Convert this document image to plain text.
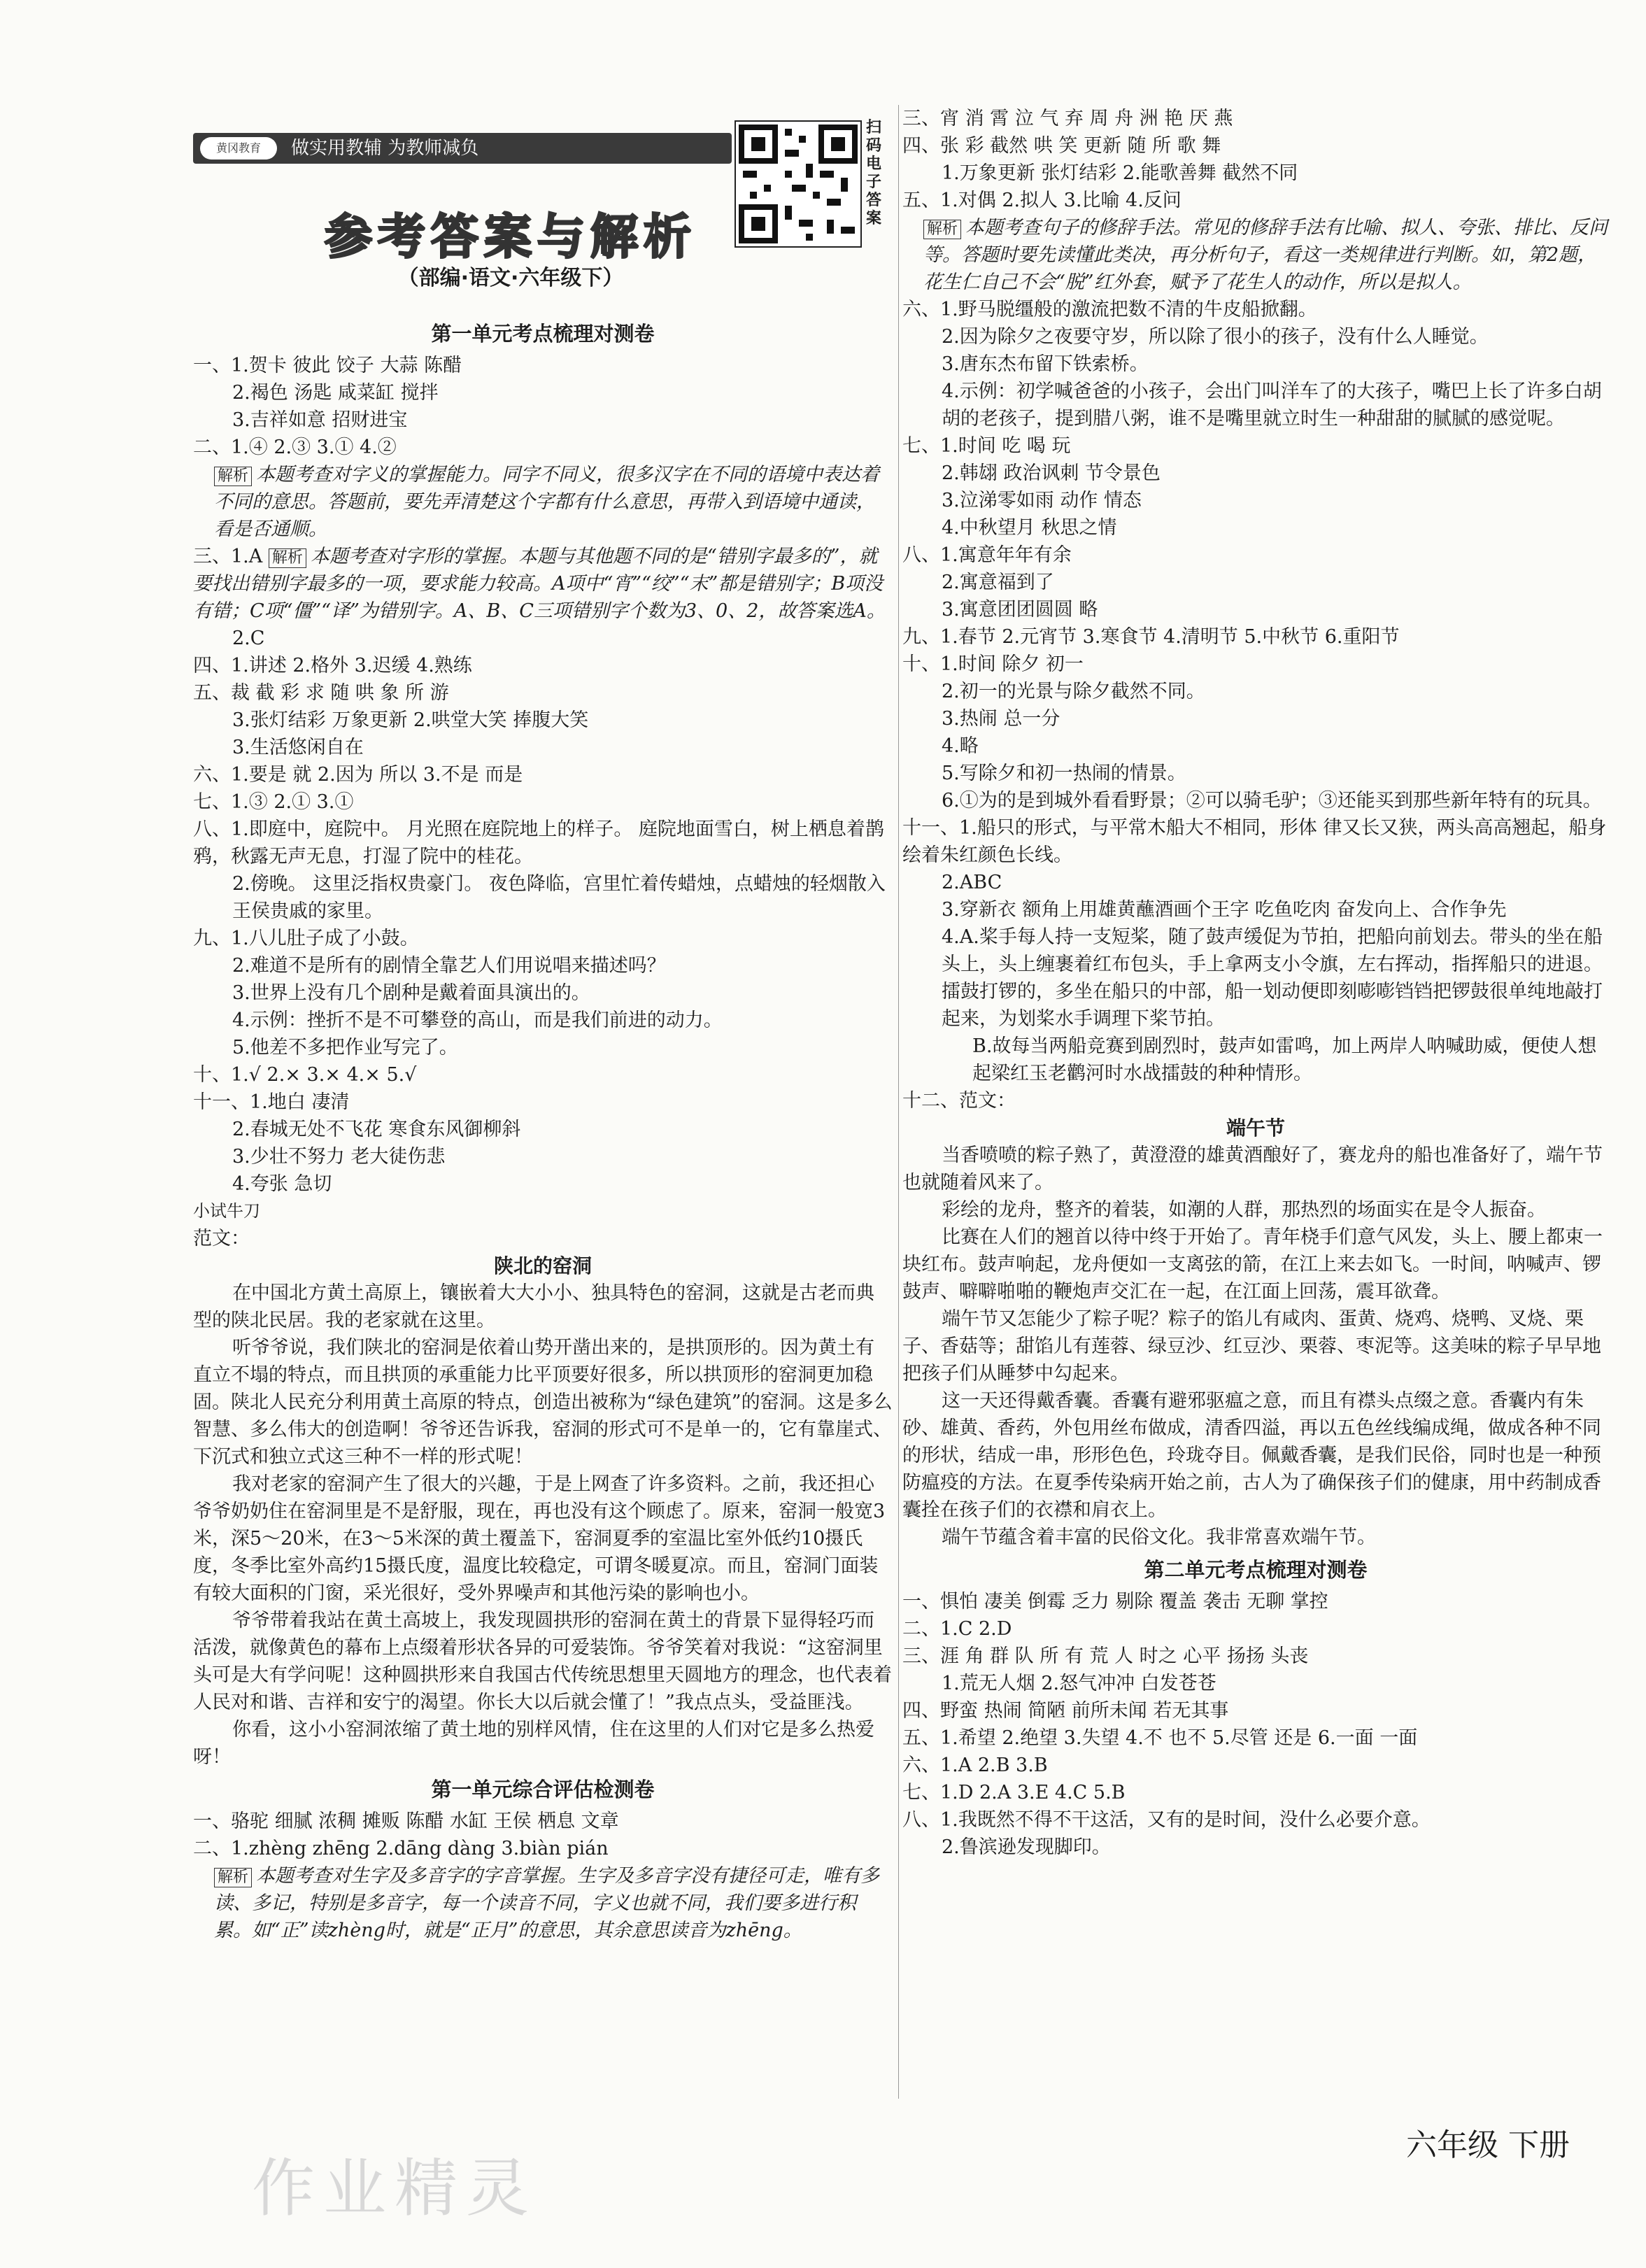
黄冈教育	做实用教辅 为教师减负
扫码电子答案
参考答案与解析
（部编·语文·六年级下）
第一单元考点梳理对测卷
一、1.贺卡 彼此 饺子 大蒜 陈醋
2.褐色 汤匙 咸菜缸 搅拌
3.吉祥如意 招财进宝
二、1.④ 2.③ 3.① 4.②
解析 本题考查对字义的掌握能力。同字不同义，很多汉字在不同的语境中表达着不同的意思。答题前，要先弄清楚这个字都有什么意思，再带入到语境中通读，看是否通顺。
三、1.A 解析 本题考查对字形的掌握。本题与其他题不同的是“错别字最多的”，就要找出错别字最多的一项，要求能力较高。A项中“宵”“绞”“末”都是错别字；B项没有错；C项“僵”“译”为错别字。A、B、C三项错别字个数为3、0、2，故答案选A。
2.C
四、1.讲述 2.格外 3.迟缓 4.熟练
五、裁 截 彩 求 随 哄 象 所 游
3.张灯结彩 万象更新 2.哄堂大笑 捧腹大笑
3.生活悠闲自在
六、1.要是 就 2.因为 所以 3.不是 而是
七、1.③ 2.① 3.①
八、1.即庭中，庭院中。 月光照在庭院地上的样子。 庭院地面雪白，树上栖息着鹊鸦，秋露无声无息，打湿了院中的桂花。
2.傍晚。 这里泛指权贵豪门。 夜色降临，宫里忙着传蜡烛，点蜡烛的轻烟散入王侯贵戚的家里。
九、1.八儿肚子成了小鼓。
2.难道不是所有的剧情全靠艺人们用说唱来描述吗？
3.世界上没有几个剧种是戴着面具演出的。
4.示例：挫折不是不可攀登的高山，而是我们前进的动力。
5.他差不多把作业写完了。
十、1.√ 2.× 3.× 4.× 5.√
十一、1.地白 凄清
2.春城无处不飞花 寒食东风御柳斜
3.少壮不努力 老大徒伤悲
4.夸张 急切
小试牛刀
范文：
陕北的窑洞
在中国北方黄土高原上，镶嵌着大大小小、独具特色的窑洞，这就是古老而典型的陕北民居。我的老家就在这里。
听爷爷说，我们陕北的窑洞是依着山势开凿出来的，是拱顶形的。因为黄土有直立不塌的特点，而且拱顶的承重能力比平顶要好很多，所以拱顶形的窑洞更加稳固。陕北人民充分利用黄土高原的特点，创造出被称为“绿色建筑”的窑洞。这是多么智慧、多么伟大的创造啊！爷爷还告诉我，窑洞的形式可不是单一的，它有靠崖式、下沉式和独立式这三种不一样的形式呢！
我对老家的窑洞产生了很大的兴趣，于是上网查了许多资料。之前，我还担心爷爷奶奶住在窑洞里是不是舒服，现在，再也没有这个顾虑了。原来，窑洞一般宽3米，深5～20米，在3～5米深的黄土覆盖下，窑洞夏季的室温比室外低约10摄氏度，冬季比室外高约15摄氏度，温度比较稳定，可谓冬暖夏凉。而且，窑洞门面装有较大面积的门窗，采光很好，受外界噪声和其他污染的影响也小。
爷爷带着我站在黄土高坡上，我发现圆拱形的窑洞在黄土的背景下显得轻巧而活泼，就像黄色的幕布上点缀着形状各异的可爱装饰。爷爷笑着对我说：“这窑洞里头可是大有学问呢！这种圆拱形来自我国古代传统思想里天圆地方的理念，也代表着人民对和谐、吉祥和安宁的渴望。你长大以后就会懂了！”我点点头，受益匪浅。
你看，这小小窑洞浓缩了黄土地的别样风情，住在这里的人们对它是多么热爱呀！
第一单元综合评估检测卷
一、骆驼 细腻 浓稠 摊贩 陈醋 水缸 王侯 栖息 文章
二、1.zhèng zhēng 2.dāng dàng 3.biàn pián
解析 本题考查对生字及多音字的字音掌握。生字及多音字没有捷径可走，唯有多读、多记，特别是多音字，每一个读音不同，字义也就不同，我们要多进行积累。如“正”读zhèng时，就是“正月”的意思，其余意思读音为zhēng。
三、宵 消 霄 泣 气 弃 周 舟 洲 艳 厌 燕
四、张 彩 截然 哄 笑 更新 随 所 歌 舞
1.万象更新 张灯结彩 2.能歌善舞 截然不同
五、1.对偶 2.拟人 3.比喻 4.反问
解析 本题考查句子的修辞手法。常见的修辞手法有比喻、拟人、夸张、排比、反问等。答题时要先读懂此类决，再分析句子，看这一类规律进行判断。如，第2题，花生仁自己不会“脱”红外套，赋予了花生人的动作，所以是拟人。
六、1.野马脱缰般的激流把数不清的牛皮船掀翻。
2.因为除夕之夜要守岁，所以除了很小的孩子，没有什么人睡觉。
3.唐东杰布留下铁索桥。
4.示例：初学喊爸爸的小孩子，会出门叫洋车了的大孩子，嘴巴上长了许多白胡胡的老孩子，提到腊八粥，谁不是嘴里就立时生一种甜甜的腻腻的感觉呢。
七、1.时间 吃 喝 玩
2.韩翃 政治讽刺 节令景色
3.泣涕零如雨 动作 情态
4.中秋望月 秋思之情
八、1.寓意年年有余
2.寓意福到了
3.寓意团团圆圆 略
九、1.春节 2.元宵节 3.寒食节 4.清明节 5.中秋节 6.重阳节
十、1.时间 除夕 初一
2.初一的光景与除夕截然不同。
3.热闹 总一分
4.略
5.写除夕和初一热闹的情景。
6.①为的是到城外看看野景；②可以骑毛驴；③还能买到那些新年特有的玩具。
十一、1.船只的形式，与平常木船大不相同，形体 律又长又狭，两头高高翘起，船身绘着朱红颜色长线。
2.ABC
3.穿新衣 额角上用雄黄蘸酒画个王字 吃鱼吃肉 奋发向上、合作争先
4.A.桨手每人持一支短桨，随了鼓声缓促为节拍，把船向前划去。带头的坐在船头上，头上缠裹着红布包头，手上拿两支小令旗，左右挥动，指挥船只的进退。擂鼓打锣的，多坐在船只的中部，船一划动便即刻嘭嘭铛铛把锣鼓很单纯地敲打起来，为划桨水手调理下桨节拍。
B.故每当两船竞赛到剧烈时，鼓声如雷鸣，加上两岸人呐喊助威，便使人想起梁红玉老鹳河时水战擂鼓的种种情形。
十二、范文：
端午节
当香喷喷的粽子熟了，黄澄澄的雄黄酒酿好了，赛龙舟的船也准备好了，端午节也就随着风来了。
彩绘的龙舟，整齐的着装，如潮的人群，那热烈的场面实在是令人振奋。
比赛在人们的翘首以待中终于开始了。青年桡手们意气风发，头上、腰上都束一块红布。鼓声响起，龙舟便如一支离弦的箭，在江上来去如飞。一时间，呐喊声、锣鼓声、噼噼啪啪的鞭炮声交汇在一起，在江面上回荡，震耳欲聋。
端午节又怎能少了粽子呢？粽子的馅儿有咸肉、蛋黄、烧鸡、烧鸭、叉烧、栗子、香菇等；甜馅儿有莲蓉、绿豆沙、红豆沙、栗蓉、枣泥等。这美味的粽子早早地把孩子们从睡梦中勾起来。
这一天还得戴香囊。香囊有避邪驱瘟之意，而且有襟头点缀之意。香囊内有朱砂、雄黄、香药，外包用丝布做成，清香四溢，再以五色丝线编成绳，做成各种不同的形状，结成一串，形形色色，玲珑夺目。佩戴香囊，是我们民俗，同时也是一种预防瘟疫的方法。在夏季传染病开始之前，古人为了确保孩子们的健康，用中药制成香囊拴在孩子们的衣襟和肩衣上。
端午节蕴含着丰富的民俗文化。我非常喜欢端午节。
第二单元考点梳理对测卷
一、惧怕 凄美 倒霉 乏力 剔除 覆盖 袭击 无聊 掌控
二、1.C 2.D
三、涯 角 群 队 所 有 荒 人 时之 心平 扬扬 头丧
1.荒无人烟 2.怒气冲冲 白发苍苍
四、野蛮 热闹 简陋 前所未闻 若无其事
五、1.希望 2.绝望 3.失望 4.不 也不 5.尽管 还是 6.一面 一面
六、1.A 2.B 3.B
七、1.D 2.A 3.E 4.C 5.B
八、1.我既然不得不干这活，又有的是时间，没什么必要介意。
2.鲁滨逊发现脚印。
六年级 下册
作业精灵
